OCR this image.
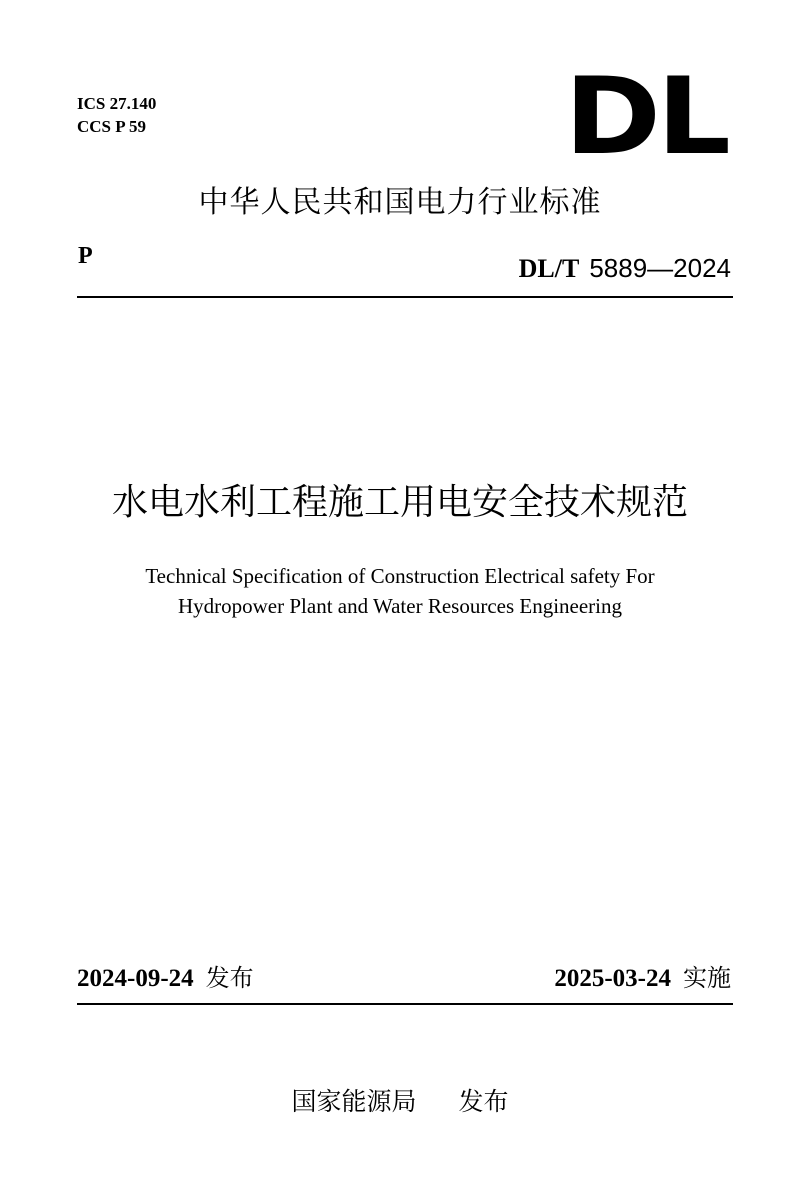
ICS 27.140
CCS P 59	DL
中华人民共和国电力行业标准
P	DL/T 5889—2024
水电水利工程施工用电安全技术规范
Technical Specification of Construction Electrical safety For
Hydropower Plant and Water Resources Engineering
2024-09-24 发布	2025-03-24 实施
国家能源局 发布
